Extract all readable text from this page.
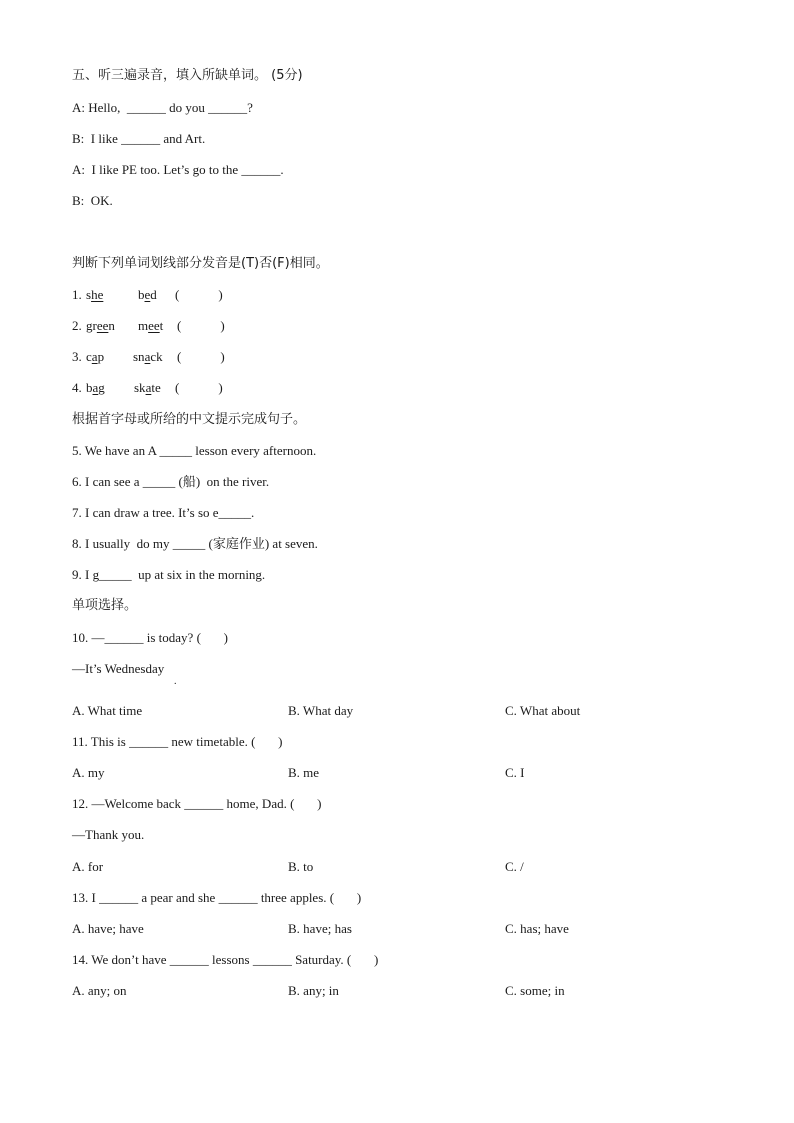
五、听三遍录音，填入所缺单词。 (5分)
A: Hello,  ______ do you ______?
B:  I like ______ and Art.
A:  I like PE too. Let’s go to the ______.
B:  OK.
判断下列单词划线部分发音是(T)否(F)相同。
1. she	bed (            )
2. green meet (            )
3. cap snack (            )
4. bag skate (            )
根据首字母或所给的中文提示完成句子。
5. We have an A _____ lesson every afternoon.
6. I can see a _____ (船)  on the river.
7. I can draw a tree. It’s so e_____.
8. I usually  do my _____ (家庭作业) at seven.
9. I g_____  up at six in the morning.
单项选择。
10. —______ is today? (       )
—It’s Wednesday
.
A. What time	B. What day	C. What about
11. This is ______ new timetable. (       )
A. my	B. me	C. I
12. —Welcome back ______ home, Dad. (       )
—Thank you.
A. for	B. to	C. /
13. I ______ a pear and she ______ three apples. (       )
A. have; have	B. have; has	C. has; have
14. We don’t have ______ lessons ______ Saturday. (       )
A. any; on	B. any; in	C. some; in
